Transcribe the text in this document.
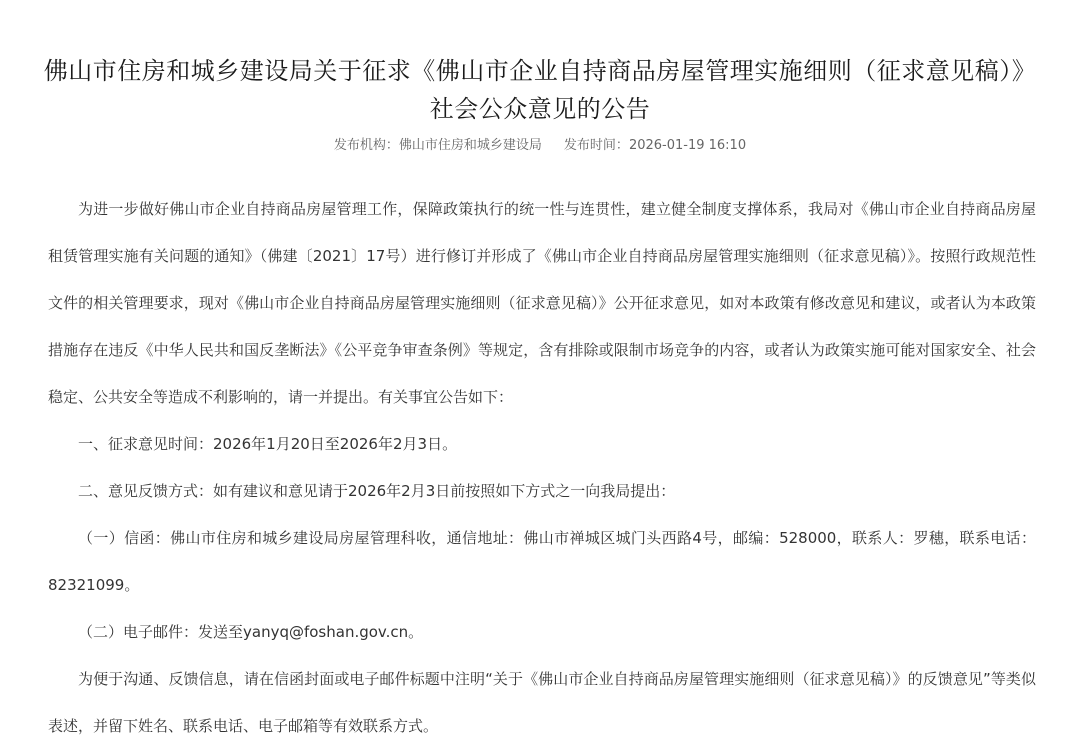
佛山市住房和城乡建设局关于征求《佛山市企业自持商品房屋管理实施细则（征求意见稿）》社会公众意见的公告
发布机构：佛山市住房和城乡建设局 发布时间：2026-01-19 16:10

为进一步做好佛山市企业自持商品房屋管理工作，保障政策执行的统一性与连贯性，建立健全制度支撑体系，我局对《佛山市企业自持商品房屋租赁管理实施有关问题的通知》（佛建〔2021〕17号）进行修订并形成了《佛山市企业自持商品房屋管理实施细则（征求意见稿）》。按照行政规范性文件的相关管理要求，现对《佛山市企业自持商品房屋管理实施细则（征求意见稿）》公开征求意见，如对本政策有修改意见和建议，或者认为本政策措施存在违反《中华人民共和国反垄断法》《公平竞争审查条例》等规定，含有排除或限制市场竞争的内容，或者认为政策实施可能对国家安全、社会稳定、公共安全等造成不利影响的，请一并提出。有关事宜公告如下：

一、征求意见时间：2026年1月20日至2026年2月3日。

二、意见反馈方式：如有建议和意见请于2026年2月3日前按照如下方式之一向我局提出：

（一）信函：佛山市住房和城乡建设局房屋管理科收，通信地址：佛山市禅城区城门头西路4号，邮编：528000，联系人：罗穗，联系电话：82321099。

（二）电子邮件：发送至yanyq@foshan.gov.cn。

为便于沟通、反馈信息，请在信函封面或电子邮件标题中注明“关于《佛山市企业自持商品房屋管理实施细则（征求意见稿）》的反馈意见”等类似表述，并留下姓名、联系电话、电子邮箱等有效联系方式。
